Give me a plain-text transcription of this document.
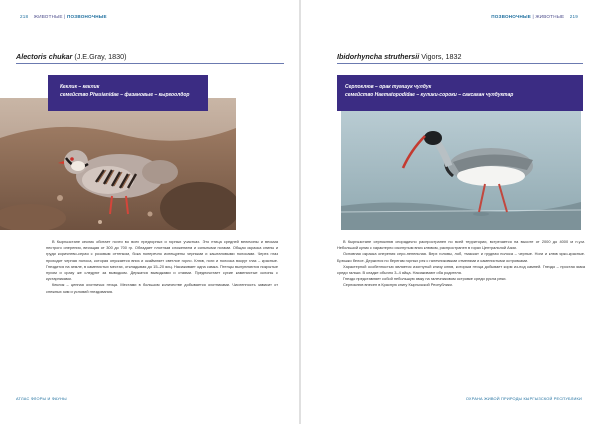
218 ЖИВОТНЫЕ | ПОЗВОНОЧНЫЕ
Alectoris chukar (J.E.Gray, 1830)
Кеклик – кеклик
семейство Phasianidae – фазановые – кыргоолдор

В Кыргызстане кеклик обитает почти во всех предгорных и горных участках. Это птица средней величины и весьма пестрого оперения, весящая от 300 до 700 гр. Обладает плотным сложением и сильными ногами. Общая окраска спины и груди коричнево-серая с розовым оттенком, бока поперечно испещрены черными и каштановыми полосами. Через глаз проходит черная полоса, которая опускается вниз и окаймляет светлое горло. Клюв, ноги и полоска вокруг глаз – красные. Гнездится на земле, в каменистых местах, откладывая до 15–20 яиц. Насиживает одна самка. Птенцы вылупляются покрытые пухом и сразу же следуют за выводком. Держатся выводками и стаями. Предпочитает сухие каменистые склоны с кустарниками.

Кеклик – ценная охотничья птица. Местами в большом количестве добывается охотниками. Численность зависит от снежных зим и условий гнездования.

АТЛАС ФЛОРЫ И ФАУНЫ
ПОЗВОНОЧНЫЕ | ЖИВОТНЫЕ 219
Ibidorhyncha struthersii Vigors, 1832
Серпоклюв – орак тумшук чулдук
семейство Haematopodidae – кулики-сороки – саксаган чулдуктар

В Кыргызстане серпоклюв спорадично распространен по всей территории, встречается на высоте от 2000 до 4000 м н.у.м. Небольшой кулик с характерно изогнутым вниз клювом, распространен в горах Центральной Азии.

Основная окраска оперения серо-пепельная. Верх головы, лоб, «маска» и грудная полоса – черные. Ноги и клюв ярко-красные. Брюшко белое. Держится по берегам горных рек с галечниковыми отмелями и каменистыми островками.

Характерной особенностью является изогнутый книзу клюв, которым птица добывает корм из-под камней. Гнездо – простая ямка среди гальки. В кладке обычно 3–4 яйца. Насиживают оба родителя.

Гнездо представляет собой небольшую ямку на галечниковом островке среди русла реки.

Серпоклюв внесен в Красную книгу Кыргызской Республики.

ОХРАНА ЖИВОЙ ПРИРОДЫ КЫРГЫЗСКОЙ РЕСПУБЛИКИ
